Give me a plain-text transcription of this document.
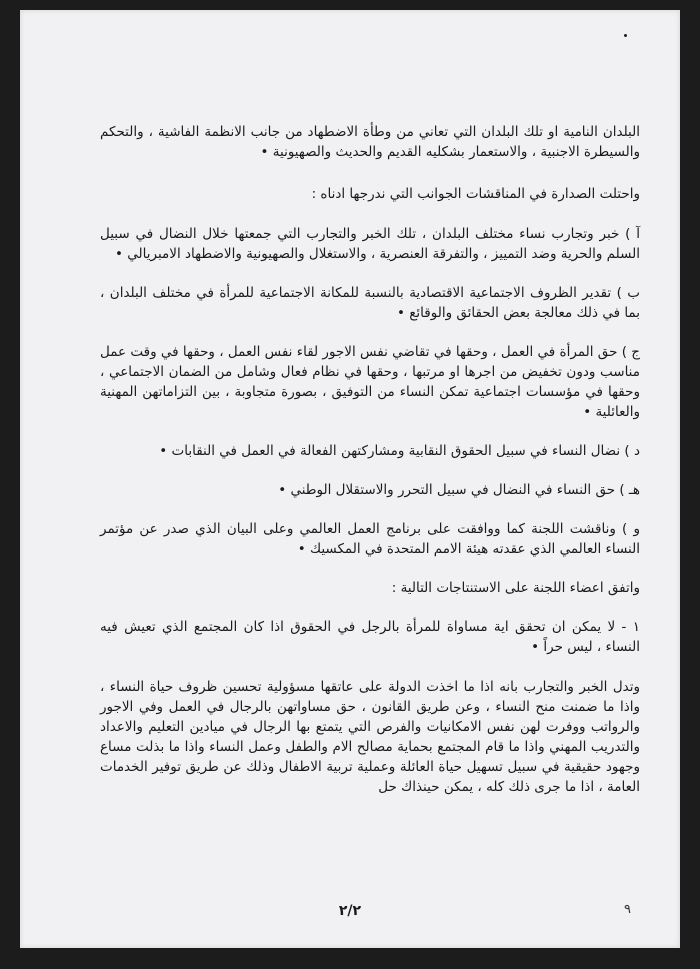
البلدان النامية او تلك البلدان التي تعاني من وطأة الاضطهاد من جانب الانظمة الفاشية ، والتحكم والسيطرة الاجنبية ، والاستعمار بشكليه القديم والحديث والصهيونية •

واحتلت الصدارة في المناقشات الجوانب التي ندرجها ادناه :

آ ) خبر وتجارب نساء مختلف البلدان ، تلك الخبر والتجارب التي جمعتها خلال النضال في سبيل السلم والحرية وضد التمييز ، والتفرقة العنصرية ، والاستغلال والصهيونية والاضطهاد الامبريالي •

ب ) تقدير الظروف الاجتماعية الاقتصادية بالنسبة للمكانة الاجتماعية للمرأة في مختلف البلدان ، بما في ذلك معالجة بعض الحقائق والوقائع •

ج ) حق المرأة في العمل ، وحقها في تقاضي نفس الاجور لقاء نفس العمل ، وحقها في وقت عمل مناسب ودون تخفيض من اجرها او مرتبها ، وحقها في نظام فعال وشامل من الضمان الاجتماعي ، وحقها في مؤسسات اجتماعية تمكن النساء من التوفيق ، بصورة متجاوبة ، بين التزاماتهن المهنية والعائلية •

د ) نضال النساء في سبيل الحقوق النقابية ومشاركتهن الفعالة في العمل في النقابات •

هـ ) حق النساء في النضال في سبيل التحرر والاستقلال الوطني •

و ) وناقشت اللجنة كما ووافقت على برنامج العمل العالمي وعلى البيان الذي صدر عن مؤتمر النساء العالمي الذي عقدته هيئة الامم المتحدة في المكسيك •

واتفق اعضاء اللجنة على الاستنتاجات التالية :

١ - لا يمكن ان تحقق اية مساواة للمرأة بالرجل في الحقوق اذا كان المجتمع الذي تعيش فيه النساء ، ليس حراً •

وتدل الخبر والتجارب بانه اذا ما اخذت الدولة على عاتقها مسؤولية تحسين ظروف حياة النساء ، واذا ما ضمنت منح النساء ، وعن طريق القانون ، حق مساواتهن بالرجال في العمل وفي الاجور والرواتب ووفرت لهن نفس الامكانيات والفرص التي يتمتع بها الرجال في ميادين التعليم والاعداد والتدريب المهني واذا ما قام المجتمع بحماية مصالح الام والطفل وعمل النساء واذا ما بذلت مساع وجهود حقيقية في سبيل تسهيل حياة العائلة وعملية تربية الاطفال وذلك عن طريق توفير الخدمات العامة ، اذا ما جرى ذلك كله ، يمكن حينذاك حل

٢/٢	٩
